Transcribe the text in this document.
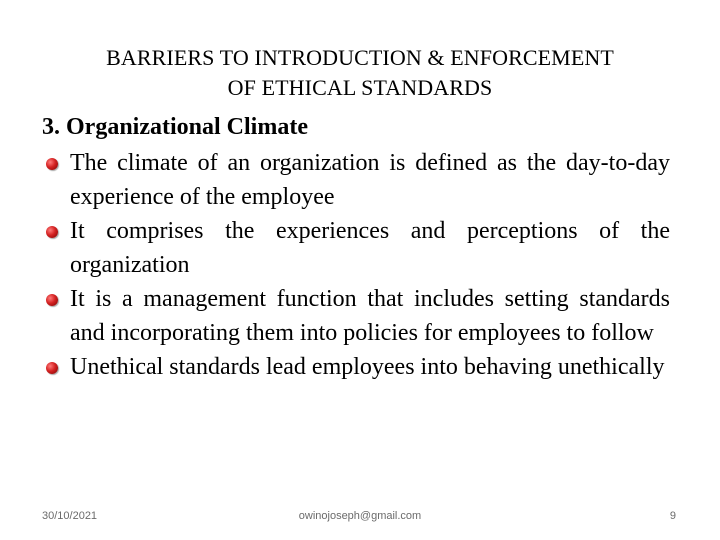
BARRIERS TO INTRODUCTION & ENFORCEMENT
OF ETHICAL STANDARDS
3. Organizational Climate
The climate of an organization is defined as the day-to-day experience of the employee
It comprises the experiences and perceptions of the organization
It is a management function that includes setting standards and incorporating them into policies for employees to follow
Unethical standards lead employees into behaving unethically
30/10/2021	owinojoseph@gmail.com	9
